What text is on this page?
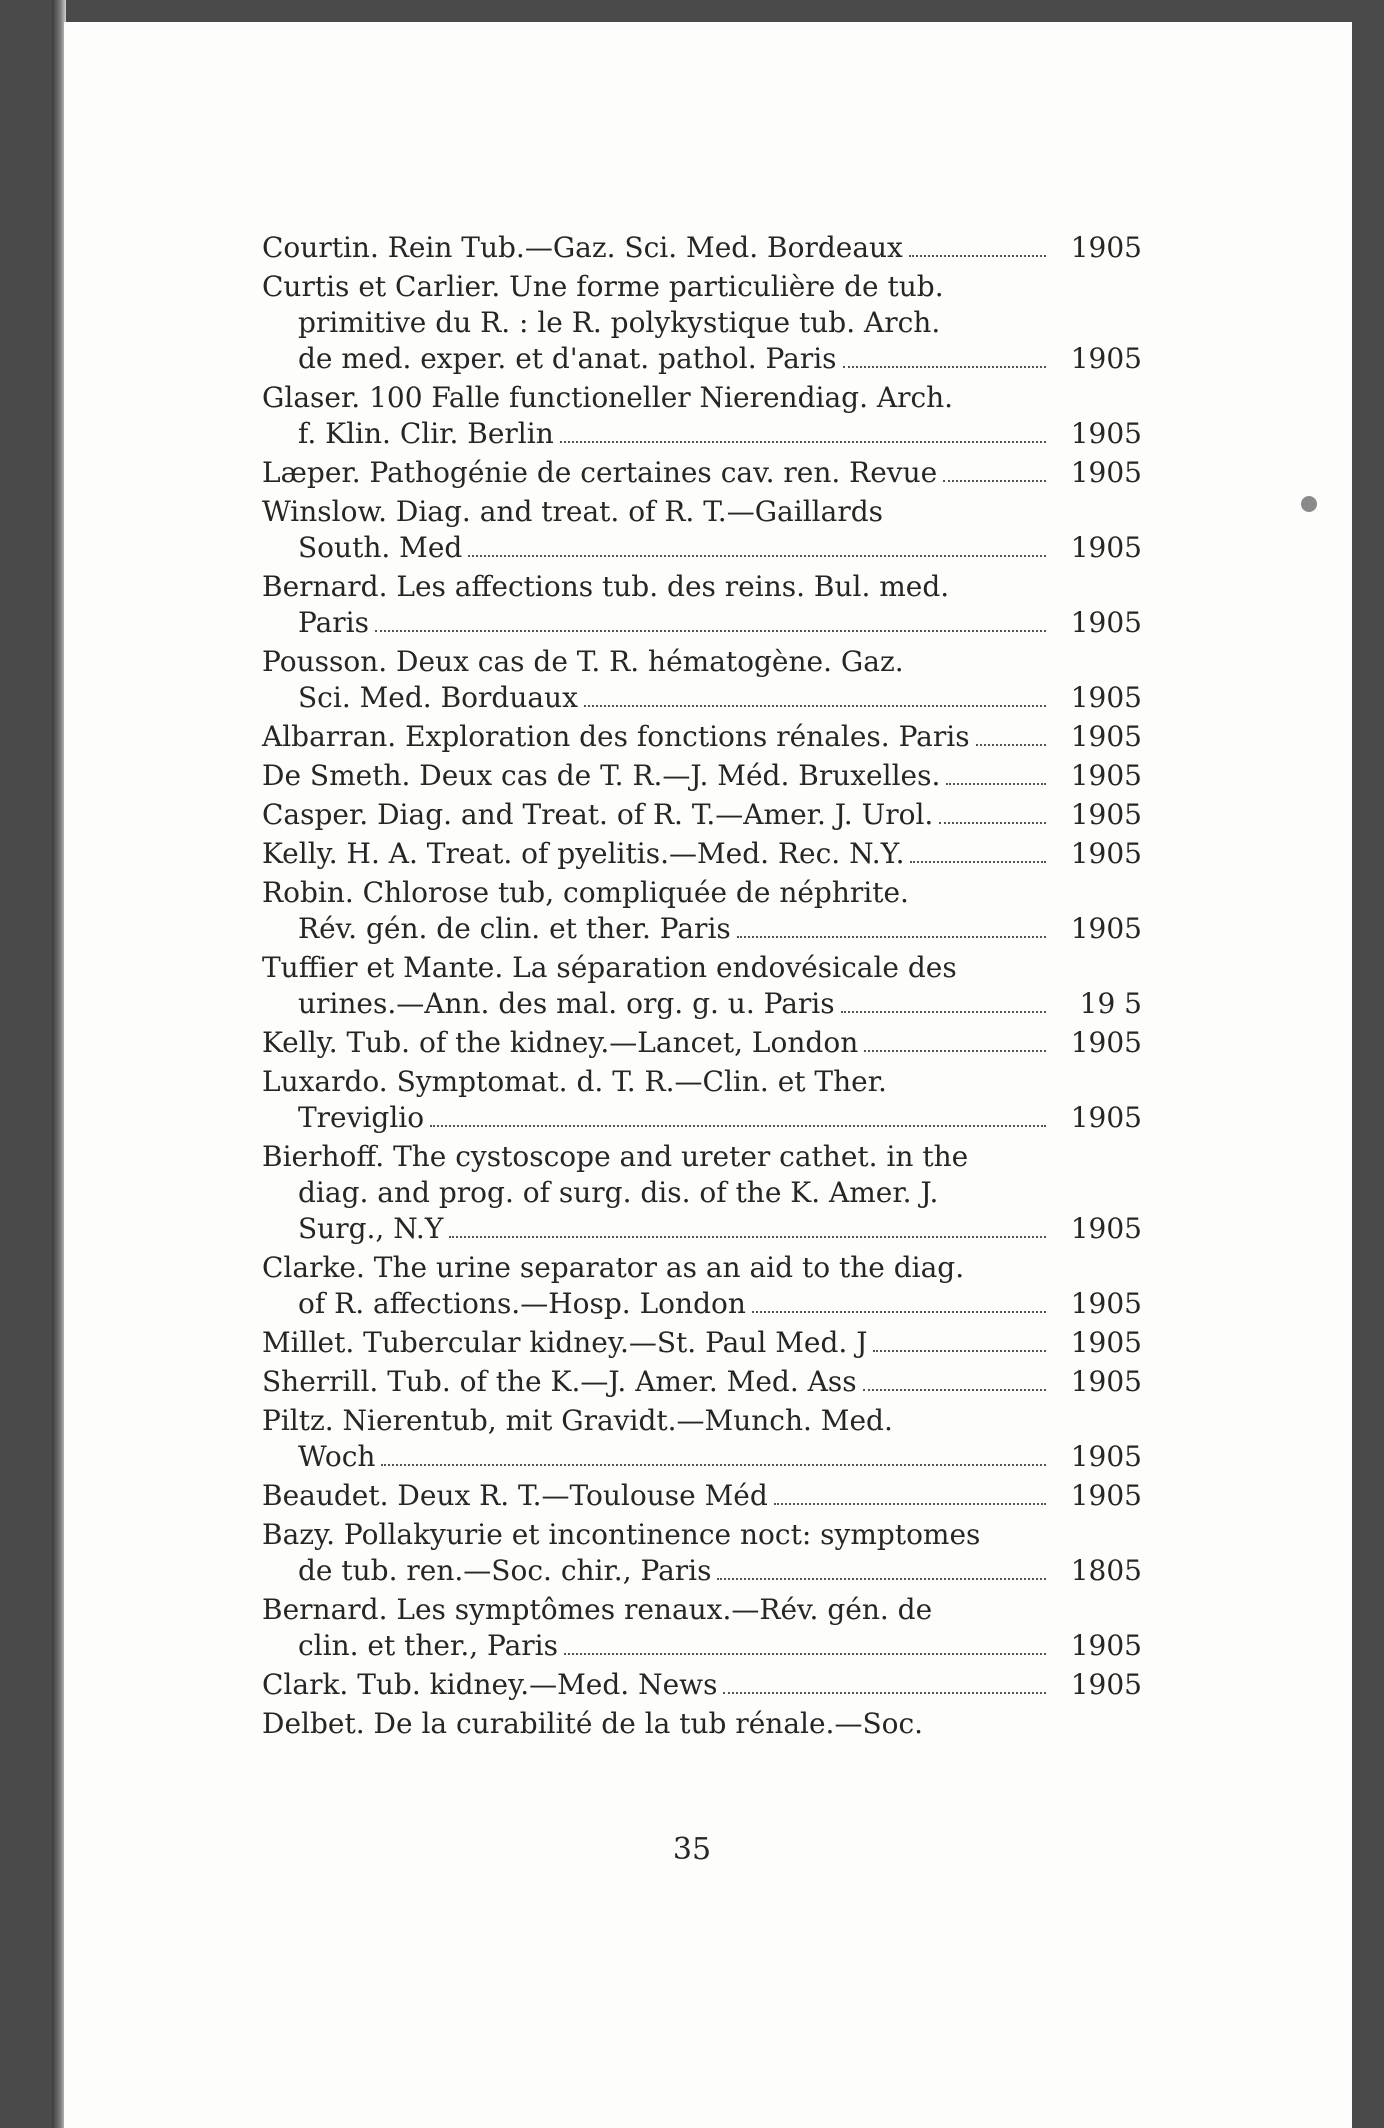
Courtin. Rein Tub.—Gaz. Sci. Med. Bordeaux	1905
Curtis et Carlier. Une forme particulière de tub.
primitive du R. : le R. polykystique tub. Arch.
de med. exper. et d'anat. pathol. Paris	1905
Glaser. 100 Falle functioneller Nierendiag. Arch.
f. Klin. Clir. Berlin	1905
Læper. Pathogénie de certaines cav. ren. Revue	1905
Winslow. Diag. and treat. of R. T.—Gaillards
South. Med	1905
Bernard. Les affections tub. des reins. Bul. med.
Paris	1905
Pousson. Deux cas de T. R. hématogène. Gaz.
Sci. Med. Borduaux	1905
Albarran. Exploration des fonctions rénales. Paris	1905
De Smeth. Deux cas de T. R.—J. Méd. Bruxelles.	1905
Casper. Diag. and Treat. of R. T.—Amer. J. Urol.	1905
Kelly. H. A. Treat. of pyelitis.—Med. Rec. N.Y.	1905
Robin. Chlorose tub, compliquée de néphrite.
Rév. gén. de clin. et ther. Paris	1905
Tuffier et Mante. La séparation endovésicale des
urines.—Ann. des mal. org. g. u. Paris	19 5
Kelly. Tub. of the kidney.—Lancet, London	1905
Luxardo. Symptomat. d. T. R.—Clin. et Ther.
Treviglio	1905
Bierhoff. The cystoscope and ureter cathet. in the
diag. and prog. of surg. dis. of the K. Amer. J.
Surg., N.Y	1905
Clarke. The urine separator as an aid to the diag.
of R. affections.—Hosp. London	1905
Millet. Tubercular kidney.—St. Paul Med. J	1905
Sherrill. Tub. of the K.—J. Amer. Med. Ass	1905
Piltz. Nierentub, mit Gravidt.—Munch. Med.
Woch	1905
Beaudet. Deux R. T.—Toulouse Méd	1905
Bazy. Pollakyurie et incontinence noct: symptomes
de tub. ren.—Soc. chir., Paris	1805
Bernard. Les symptômes renaux.—Rév. gén. de
clin. et ther., Paris	1905
Clark. Tub. kidney.—Med. News	1905
Delbet. De la curabilité de la tub rénale.—Soc.
35
